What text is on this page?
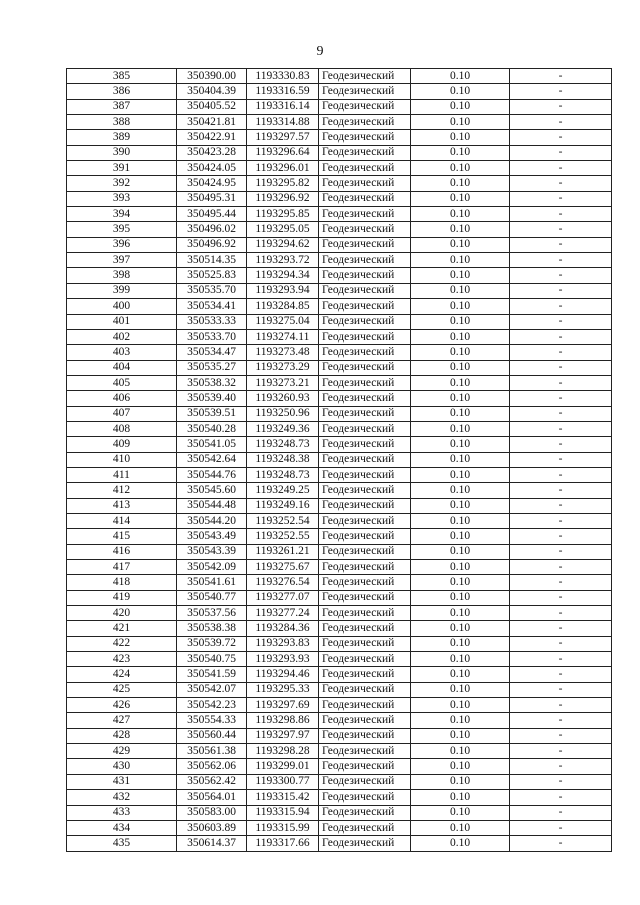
9
385	350390.00	1193330.83	Геодезический	0.10	-
386	350404.39	1193316.59	Геодезический	0.10	-
387	350405.52	1193316.14	Геодезический	0.10	-
388	350421.81	1193314.88	Геодезический	0.10	-
389	350422.91	1193297.57	Геодезический	0.10	-
390	350423.28	1193296.64	Геодезический	0.10	-
391	350424.05	1193296.01	Геодезический	0.10	-
392	350424.95	1193295.82	Геодезический	0.10	-
393	350495.31	1193296.92	Геодезический	0.10	-
394	350495.44	1193295.85	Геодезический	0.10	-
395	350496.02	1193295.05	Геодезический	0.10	-
396	350496.92	1193294.62	Геодезический	0.10	-
397	350514.35	1193293.72	Геодезический	0.10	-
398	350525.83	1193294.34	Геодезический	0.10	-
399	350535.70	1193293.94	Геодезический	0.10	-
400	350534.41	1193284.85	Геодезический	0.10	-
401	350533.33	1193275.04	Геодезический	0.10	-
402	350533.70	1193274.11	Геодезический	0.10	-
403	350534.47	1193273.48	Геодезический	0.10	-
404	350535.27	1193273.29	Геодезический	0.10	-
405	350538.32	1193273.21	Геодезический	0.10	-
406	350539.40	1193260.93	Геодезический	0.10	-
407	350539.51	1193250.96	Геодезический	0.10	-
408	350540.28	1193249.36	Геодезический	0.10	-
409	350541.05	1193248.73	Геодезический	0.10	-
410	350542.64	1193248.38	Геодезический	0.10	-
411	350544.76	1193248.73	Геодезический	0.10	-
412	350545.60	1193249.25	Геодезический	0.10	-
413	350544.48	1193249.16	Геодезический	0.10	-
414	350544.20	1193252.54	Геодезический	0.10	-
415	350543.49	1193252.55	Геодезический	0.10	-
416	350543.39	1193261.21	Геодезический	0.10	-
417	350542.09	1193275.67	Геодезический	0.10	-
418	350541.61	1193276.54	Геодезический	0.10	-
419	350540.77	1193277.07	Геодезический	0.10	-
420	350537.56	1193277.24	Геодезический	0.10	-
421	350538.38	1193284.36	Геодезический	0.10	-
422	350539.72	1193293.83	Геодезический	0.10	-
423	350540.75	1193293.93	Геодезический	0.10	-
424	350541.59	1193294.46	Геодезический	0.10	-
425	350542.07	1193295.33	Геодезический	0.10	-
426	350542.23	1193297.69	Геодезический	0.10	-
427	350554.33	1193298.86	Геодезический	0.10	-
428	350560.44	1193297.97	Геодезический	0.10	-
429	350561.38	1193298.28	Геодезический	0.10	-
430	350562.06	1193299.01	Геодезический	0.10	-
431	350562.42	1193300.77	Геодезический	0.10	-
432	350564.01	1193315.42	Геодезический	0.10	-
433	350583.00	1193315.94	Геодезический	0.10	-
434	350603.89	1193315.99	Геодезический	0.10	-
435	350614.37	1193317.66	Геодезический	0.10	-
